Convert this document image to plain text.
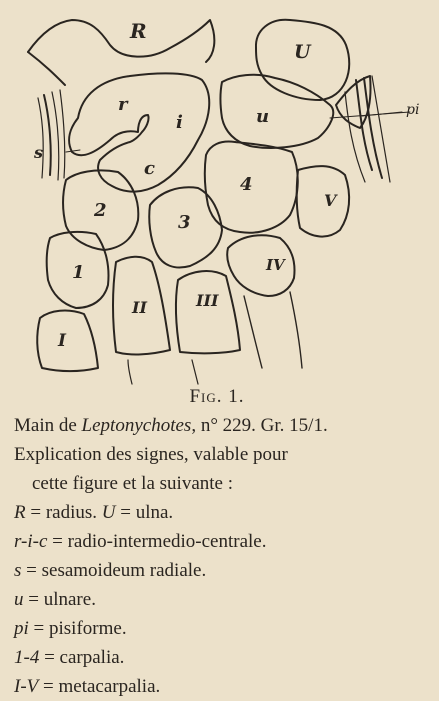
R
U
r
i	u	pi
s
c
4
V
2
3
IV
1
II	III
I
Fig. 1.
Main de Leptonychotes, n° 229. Gr. 15/1.
Explication des signes, valable pour
cette figure et la suivante :
R = radius. U = ulna.
r-i-c = radio-intermedio-centrale.
s = sesamoideum radiale.
u = ulnare.
pi = pisiforme.
1-4 = carpalia.
I-V = metacarpalia.
